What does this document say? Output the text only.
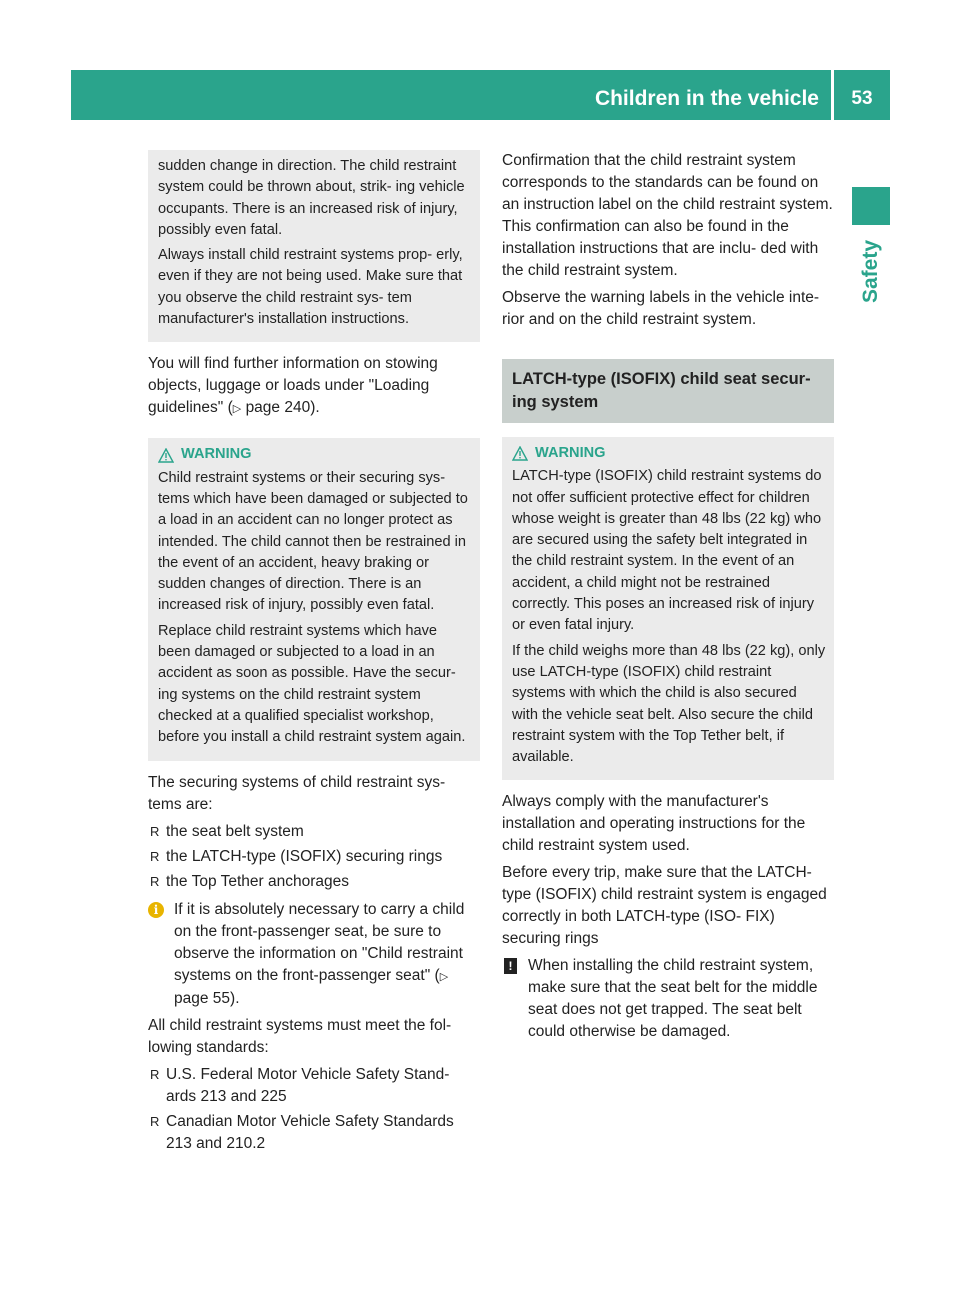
Children in the vehicle	53
Safety

sudden change in direction. The child restraint system could be thrown about, strik- ing vehicle occupants. There is an increased risk of injury, possibly even fatal.

Always install child restraint systems prop- erly, even if they are not being used. Make sure that you observe the child restraint sys- tem manufacturer's installation instructions.

You will find further information on stowing objects, luggage or loads under "Loading guidelines" (▷ page 240).

WARNING

Child restraint systems or their securing sys- tems which have been damaged or subjected to a load in an accident can no longer protect as intended. The child cannot then be restrained in the event of an accident, heavy braking or sudden changes of direction. There is an increased risk of injury, possibly even fatal.

Replace child restraint systems which have been damaged or subjected to a load in an accident as soon as possible. Have the secur- ing systems on the child restraint system checked at a qualified specialist workshop, before you install a child restraint system again.

The securing systems of child restraint sys- tems are:

R the seat belt system
R the LATCH-type (ISOFIX) securing rings
R the Top Tether anchorages
i	If it is absolutely necessary to carry a child on the front-passenger seat, be sure to observe the information on "Child restraint systems on the front-passenger seat" (▷ page 55).

All child restraint systems must meet the fol- lowing standards:

R U.S. Federal Motor Vehicle Safety Stand- ards 213 and 225
R Canadian Motor Vehicle Safety Standards 213 and 210.2

Confirmation that the child restraint system corresponds to the standards can be found on an instruction label on the child restraint system. This confirmation can also be found in the installation instructions that are inclu- ded with the child restraint system.

Observe the warning labels in the vehicle inte- rior and on the child restraint system.

LATCH-type (ISOFIX) child seat secur- ing system
WARNING

LATCH-type (ISOFIX) child restraint systems do not offer sufficient protective effect for children whose weight is greater than 48 lbs (22 kg) who are secured using the safety belt integrated in the child restraint system. In the event of an accident, a child might not be restrained correctly. This poses an increased risk of injury or even fatal injury.

If the child weighs more than 48 lbs (22 kg), only use LATCH-type (ISOFIX) child restraint systems with which the child is also secured with the vehicle seat belt. Also secure the child restraint system with the Top Tether belt, if available.

Always comply with the manufacturer's installation and operating instructions for the child restraint system used.

Before every trip, make sure that the LATCH- type (ISOFIX) child restraint system is engaged correctly in both LATCH-type (ISO- FIX) securing rings

! When installing the child restraint system, make sure that the seat belt for the middle seat does not get trapped. The seat belt could otherwise be damaged.
